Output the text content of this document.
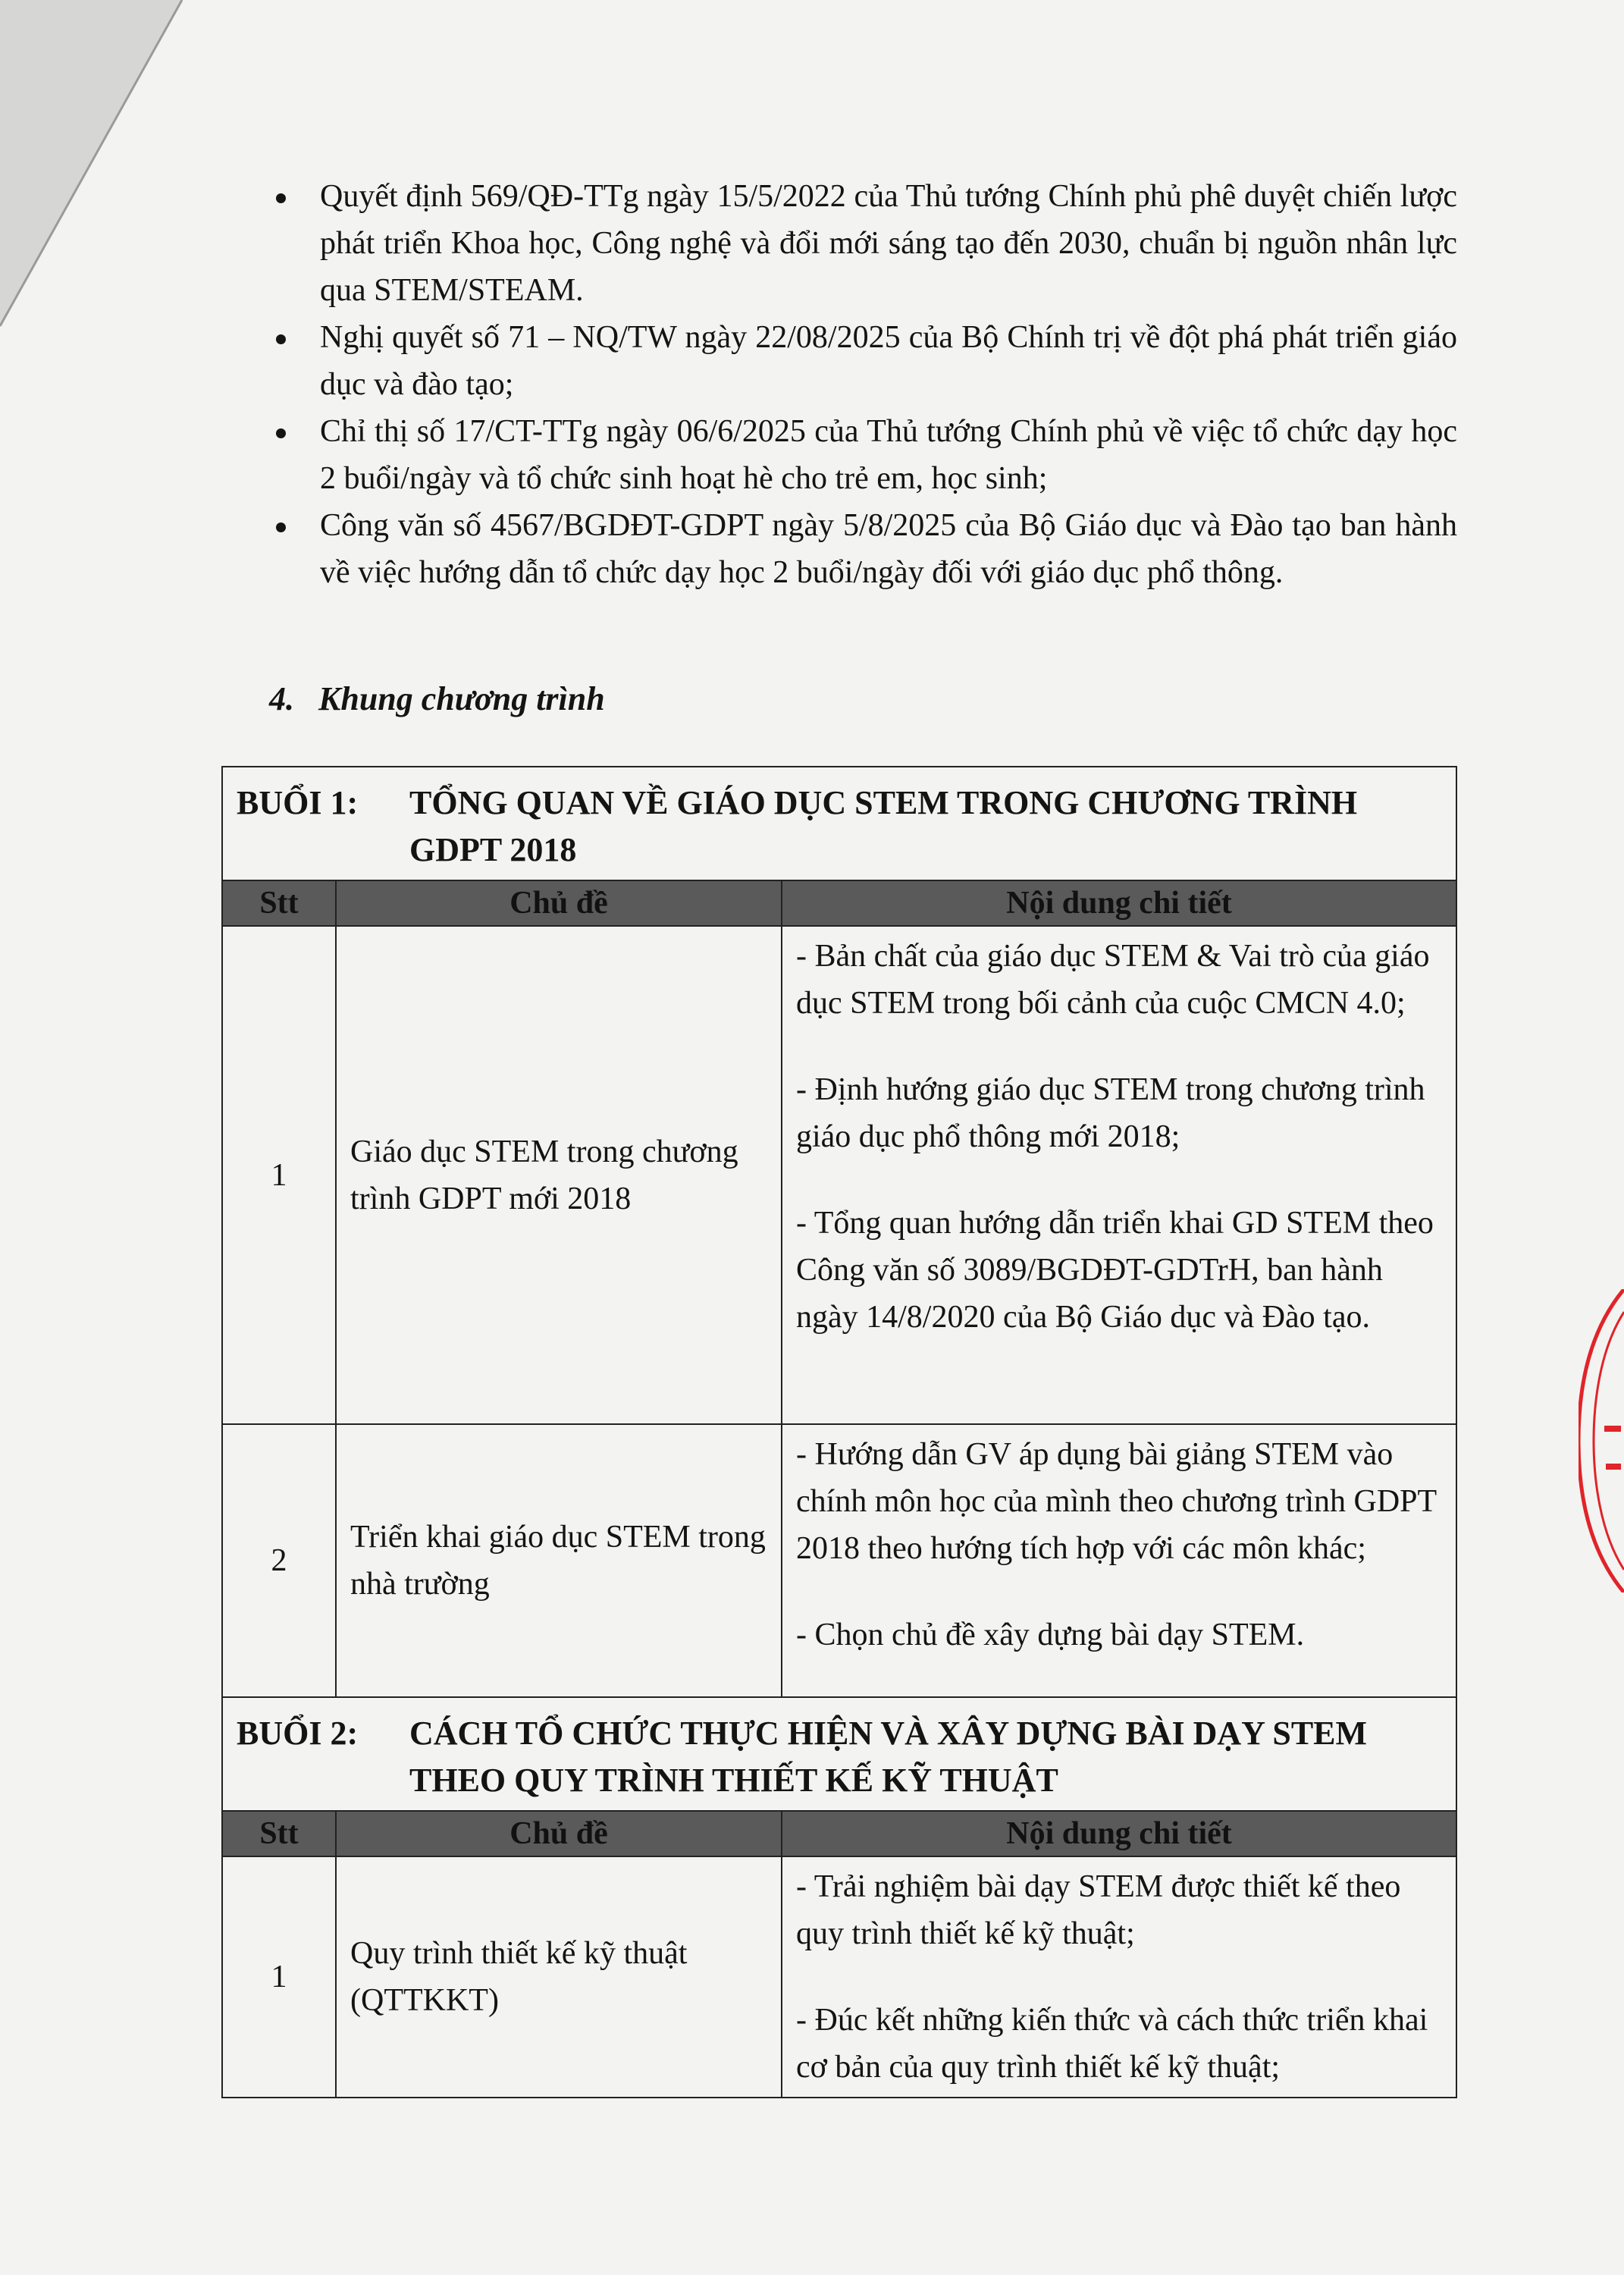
Quyết định 569/QĐ-TTg ngày 15/5/2022 của Thủ tướng Chính phủ phê duyệt chiến lược phát triển Khoa học, Công nghệ và đổi mới sáng tạo đến 2030, chuẩn bị nguồn nhân lực qua STEM/STEAM.
Nghị quyết số 71 – NQ/TW ngày 22/08/2025 của Bộ Chính trị về đột phá phát triển giáo dục và đào tạo;
Chỉ thị số 17/CT-TTg ngày 06/6/2025 của Thủ tướng Chính phủ về việc tổ chức dạy học 2 buổi/ngày và tổ chức sinh hoạt hè cho trẻ em, học sinh;
Công văn số 4567/BGDĐT-GDPT ngày 5/8/2025 của Bộ Giáo dục và Đào tạo ban hành về việc hướng dẫn tổ chức dạy học 2 buổi/ngày đối với giáo dục phổ thông.
4. Khung chương trình
BUỔI 1: TỔNG QUAN VỀ GIÁO DỤC STEM TRONG CHƯƠNG TRÌNH GDPT 2018		
Stt	Chủ đề	Nội dung chi tiết
1	Giáo dục STEM trong chương trình GDPT mới 2018	- Bản chất của giáo dục STEM & Vai trò của giáo dục STEM trong bối cảnh của cuộc CMCN 4.0;

- Định hướng giáo dục STEM trong chương trình giáo dục phổ thông mới 2018;

- Tổng quan hướng dẫn triển khai GD STEM theo Công văn số 3089/BGDĐT-GDTrH, ban hành ngày 14/8/2020 của Bộ Giáo dục và Đào tạo.

2	Triển khai giáo dục STEM trong nhà trường	- Hướng dẫn GV áp dụng bài giảng STEM vào chính môn học của mình theo chương trình GDPT 2018 theo hướng tích hợp với các môn khác;

- Chọn chủ đề xây dựng bài dạy STEM.

BUỔI 2: CÁCH TỔ CHỨC THỰC HIỆN VÀ XÂY DỰNG BÀI DẠY STEM THEO QUY TRÌNH THIẾT KẾ KỸ THUẬT		
Stt	Chủ đề	Nội dung chi tiết
1	Quy trình thiết kế kỹ thuật (QTTKKT)	- Trải nghiệm bài dạy STEM được thiết kế theo quy trình thiết kế kỹ thuật;

- Đúc kết những kiến thức và cách thức triển khai cơ bản của quy trình thiết kế kỹ thuật;
